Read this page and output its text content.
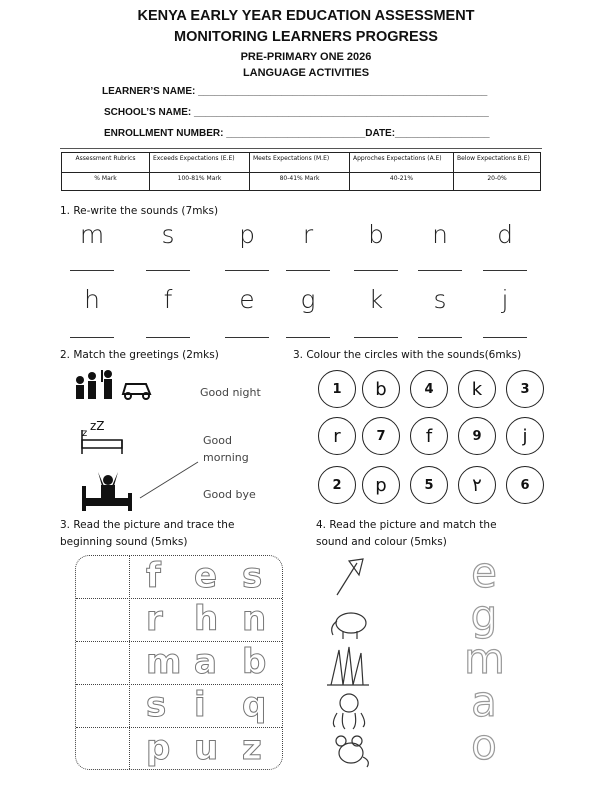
KENYA EARLY YEAR EDUCATION ASSESSMENT
MONITORING LEARNERS PROGRESS
PRE-PRIMARY ONE 2026
LANGUAGE ACTIVITIES
LEARNER’S NAME: ____________________________________________________
SCHOOL’S NAME: _____________________________________________________
ENROLLMENT NUMBER: _________________________DATE:_________________
Assessment Rubrics	Exceeds Expectations (E.E)	Meets Expectations (M.E)	Approches Expectations (A.E)	Below Expectations B.E)
% Mark	100-81% Mark	80-41% Mark	40-21%	20-0%
1. Re-write the sounds (7mks)
2. Match the greetings (2mks)
z
zZ
Good night
Good morning
Good bye
3. Colour the circles with the sounds(6mks)
3. Read the picture and trace the
beginning sound (5mks)
f e s
r h n
m a b
s i q
p u z
4. Read the picture and match the
sound and colour (5mks)
m	s	p	r	b	n	d
h	f	e	g	k	s	j
1	b	4	k	3
r	7	f	9	j
2	p	5	٢	6
e
g
m
a
o
